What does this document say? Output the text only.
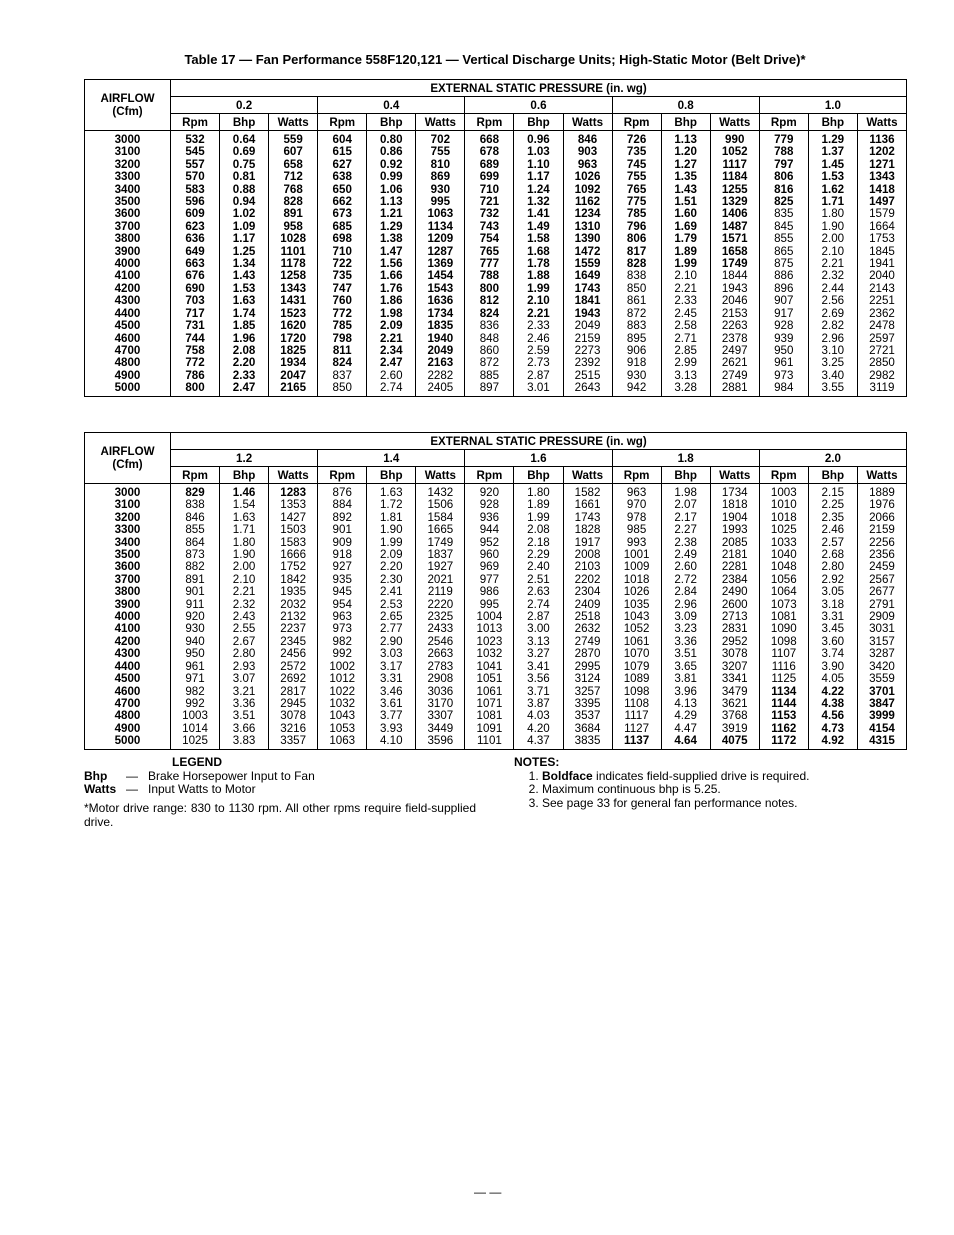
Table 17 — Fan Performance 558F120,121 — Vertical Discharge Units; High-Static Motor (Belt Drive)*
AIRFLOW (Cfm)	EXTERNAL STATIC PRESSURE (in. wg)														
	0.2			0.4			0.6			0.8			1.0		
	Rpm	Bhp	Watts	Rpm	Bhp	Watts	Rpm	Bhp	Watts	Rpm	Bhp	Watts	Rpm	Bhp	Watts
3000	532	0.64	559	604	0.80	702	668	0.96	846	726	1.13	990	779	1.29	1136
3100	545	0.69	607	615	0.86	755	678	1.03	903	735	1.20	1052	788	1.37	1202
3200	557	0.75	658	627	0.92	810	689	1.10	963	745	1.27	1117	797	1.45	1271
3300	570	0.81	712	638	0.99	869	699	1.17	1026	755	1.35	1184	806	1.53	1343
3400	583	0.88	768	650	1.06	930	710	1.24	1092	765	1.43	1255	816	1.62	1418
3500	596	0.94	828	662	1.13	995	721	1.32	1162	775	1.51	1329	825	1.71	1497
3600	609	1.02	891	673	1.21	1063	732	1.41	1234	785	1.60	1406	835	1.80	1579
3700	623	1.09	958	685	1.29	1134	743	1.49	1310	796	1.69	1487	845	1.90	1664
3800	636	1.17	1028	698	1.38	1209	754	1.58	1390	806	1.79	1571	855	2.00	1753
3900	649	1.25	1101	710	1.47	1287	765	1.68	1472	817	1.89	1658	865	2.10	1845
4000	663	1.34	1178	722	1.56	1369	777	1.78	1559	828	1.99	1749	875	2.21	1941
4100	676	1.43	1258	735	1.66	1454	788	1.88	1649	838	2.10	1844	886	2.32	2040
4200	690	1.53	1343	747	1.76	1543	800	1.99	1743	850	2.21	1943	896	2.44	2143
4300	703	1.63	1431	760	1.86	1636	812	2.10	1841	861	2.33	2046	907	2.56	2251
4400	717	1.74	1523	772	1.98	1734	824	2.21	1943	872	2.45	2153	917	2.69	2362
4500	731	1.85	1620	785	2.09	1835	836	2.33	2049	883	2.58	2263	928	2.82	2478
4600	744	1.96	1720	798	2.21	1940	848	2.46	2159	895	2.71	2378	939	2.96	2597
4700	758	2.08	1825	811	2.34	2049	860	2.59	2273	906	2.85	2497	950	3.10	2721
4800	772	2.20	1934	824	2.47	2163	872	2.73	2392	918	2.99	2621	961	3.25	2850
4900	786	2.33	2047	837	2.60	2282	885	2.87	2515	930	3.13	2749	973	3.40	2982
5000	800	2.47	2165	850	2.74	2405	897	3.01	2643	942	3.28	2881	984	3.55	3119
AIRFLOW (Cfm)	EXTERNAL STATIC PRESSURE (in. wg)														
	1.2			1.4			1.6			1.8			2.0		
	Rpm	Bhp	Watts	Rpm	Bhp	Watts	Rpm	Bhp	Watts	Rpm	Bhp	Watts	Rpm	Bhp	Watts
3000	829	1.46	1283	876	1.63	1432	920	1.80	1582	963	1.98	1734	1003	2.15	1889
3100	838	1.54	1353	884	1.72	1506	928	1.89	1661	970	2.07	1818	1010	2.25	1976
3200	846	1.63	1427	892	1.81	1584	936	1.99	1743	978	2.17	1904	1018	2.35	2066
3300	855	1.71	1503	901	1.90	1665	944	2.08	1828	985	2.27	1993	1025	2.46	2159
3400	864	1.80	1583	909	1.99	1749	952	2.18	1917	993	2.38	2085	1033	2.57	2256
3500	873	1.90	1666	918	2.09	1837	960	2.29	2008	1001	2.49	2181	1040	2.68	2356
3600	882	2.00	1752	927	2.20	1927	969	2.40	2103	1009	2.60	2281	1048	2.80	2459
3700	891	2.10	1842	935	2.30	2021	977	2.51	2202	1018	2.72	2384	1056	2.92	2567
3800	901	2.21	1935	945	2.41	2119	986	2.63	2304	1026	2.84	2490	1064	3.05	2677
3900	911	2.32	2032	954	2.53	2220	995	2.74	2409	1035	2.96	2600	1073	3.18	2791
4000	920	2.43	2132	963	2.65	2325	1004	2.87	2518	1043	3.09	2713	1081	3.31	2909
4100	930	2.55	2237	973	2.77	2433	1013	3.00	2632	1052	3.23	2831	1090	3.45	3031
4200	940	2.67	2345	982	2.90	2546	1023	3.13	2749	1061	3.36	2952	1098	3.60	3157
4300	950	2.80	2456	992	3.03	2663	1032	3.27	2870	1070	3.51	3078	1107	3.74	3287
4400	961	2.93	2572	1002	3.17	2783	1041	3.41	2995	1079	3.65	3207	1116	3.90	3420
4500	971	3.07	2692	1012	3.31	2908	1051	3.56	3124	1089	3.81	3341	1125	4.05	3559
4600	982	3.21	2817	1022	3.46	3036	1061	3.71	3257	1098	3.96	3479	1134	4.22	3701
4700	992	3.36	2945	1032	3.61	3170	1071	3.87	3395	1108	4.13	3621	1144	4.38	3847
4800	1003	3.51	3078	1043	3.77	3307	1081	4.03	3537	1117	4.29	3768	1153	4.56	3999
4900	1014	3.66	3216	1053	3.93	3449	1091	4.20	3684	1127	4.47	3919	1162	4.73	4154
5000	1025	3.83	3357	1063	4.10	3596	1101	4.37	3835	1137	4.64	4075	1172	4.92	4315
LEGEND
Bhp	— Brake Horsepower Input to Fan
Watts — Input Watts to Motor
*Motor drive range: 830 to 1130 rpm. All other rpms require field-supplied drive.
NOTES:
1. Boldface indicates field-supplied drive is required.
2. Maximum continuous bhp is 5.25.
3. See page 33 for general fan performance notes.
— —
